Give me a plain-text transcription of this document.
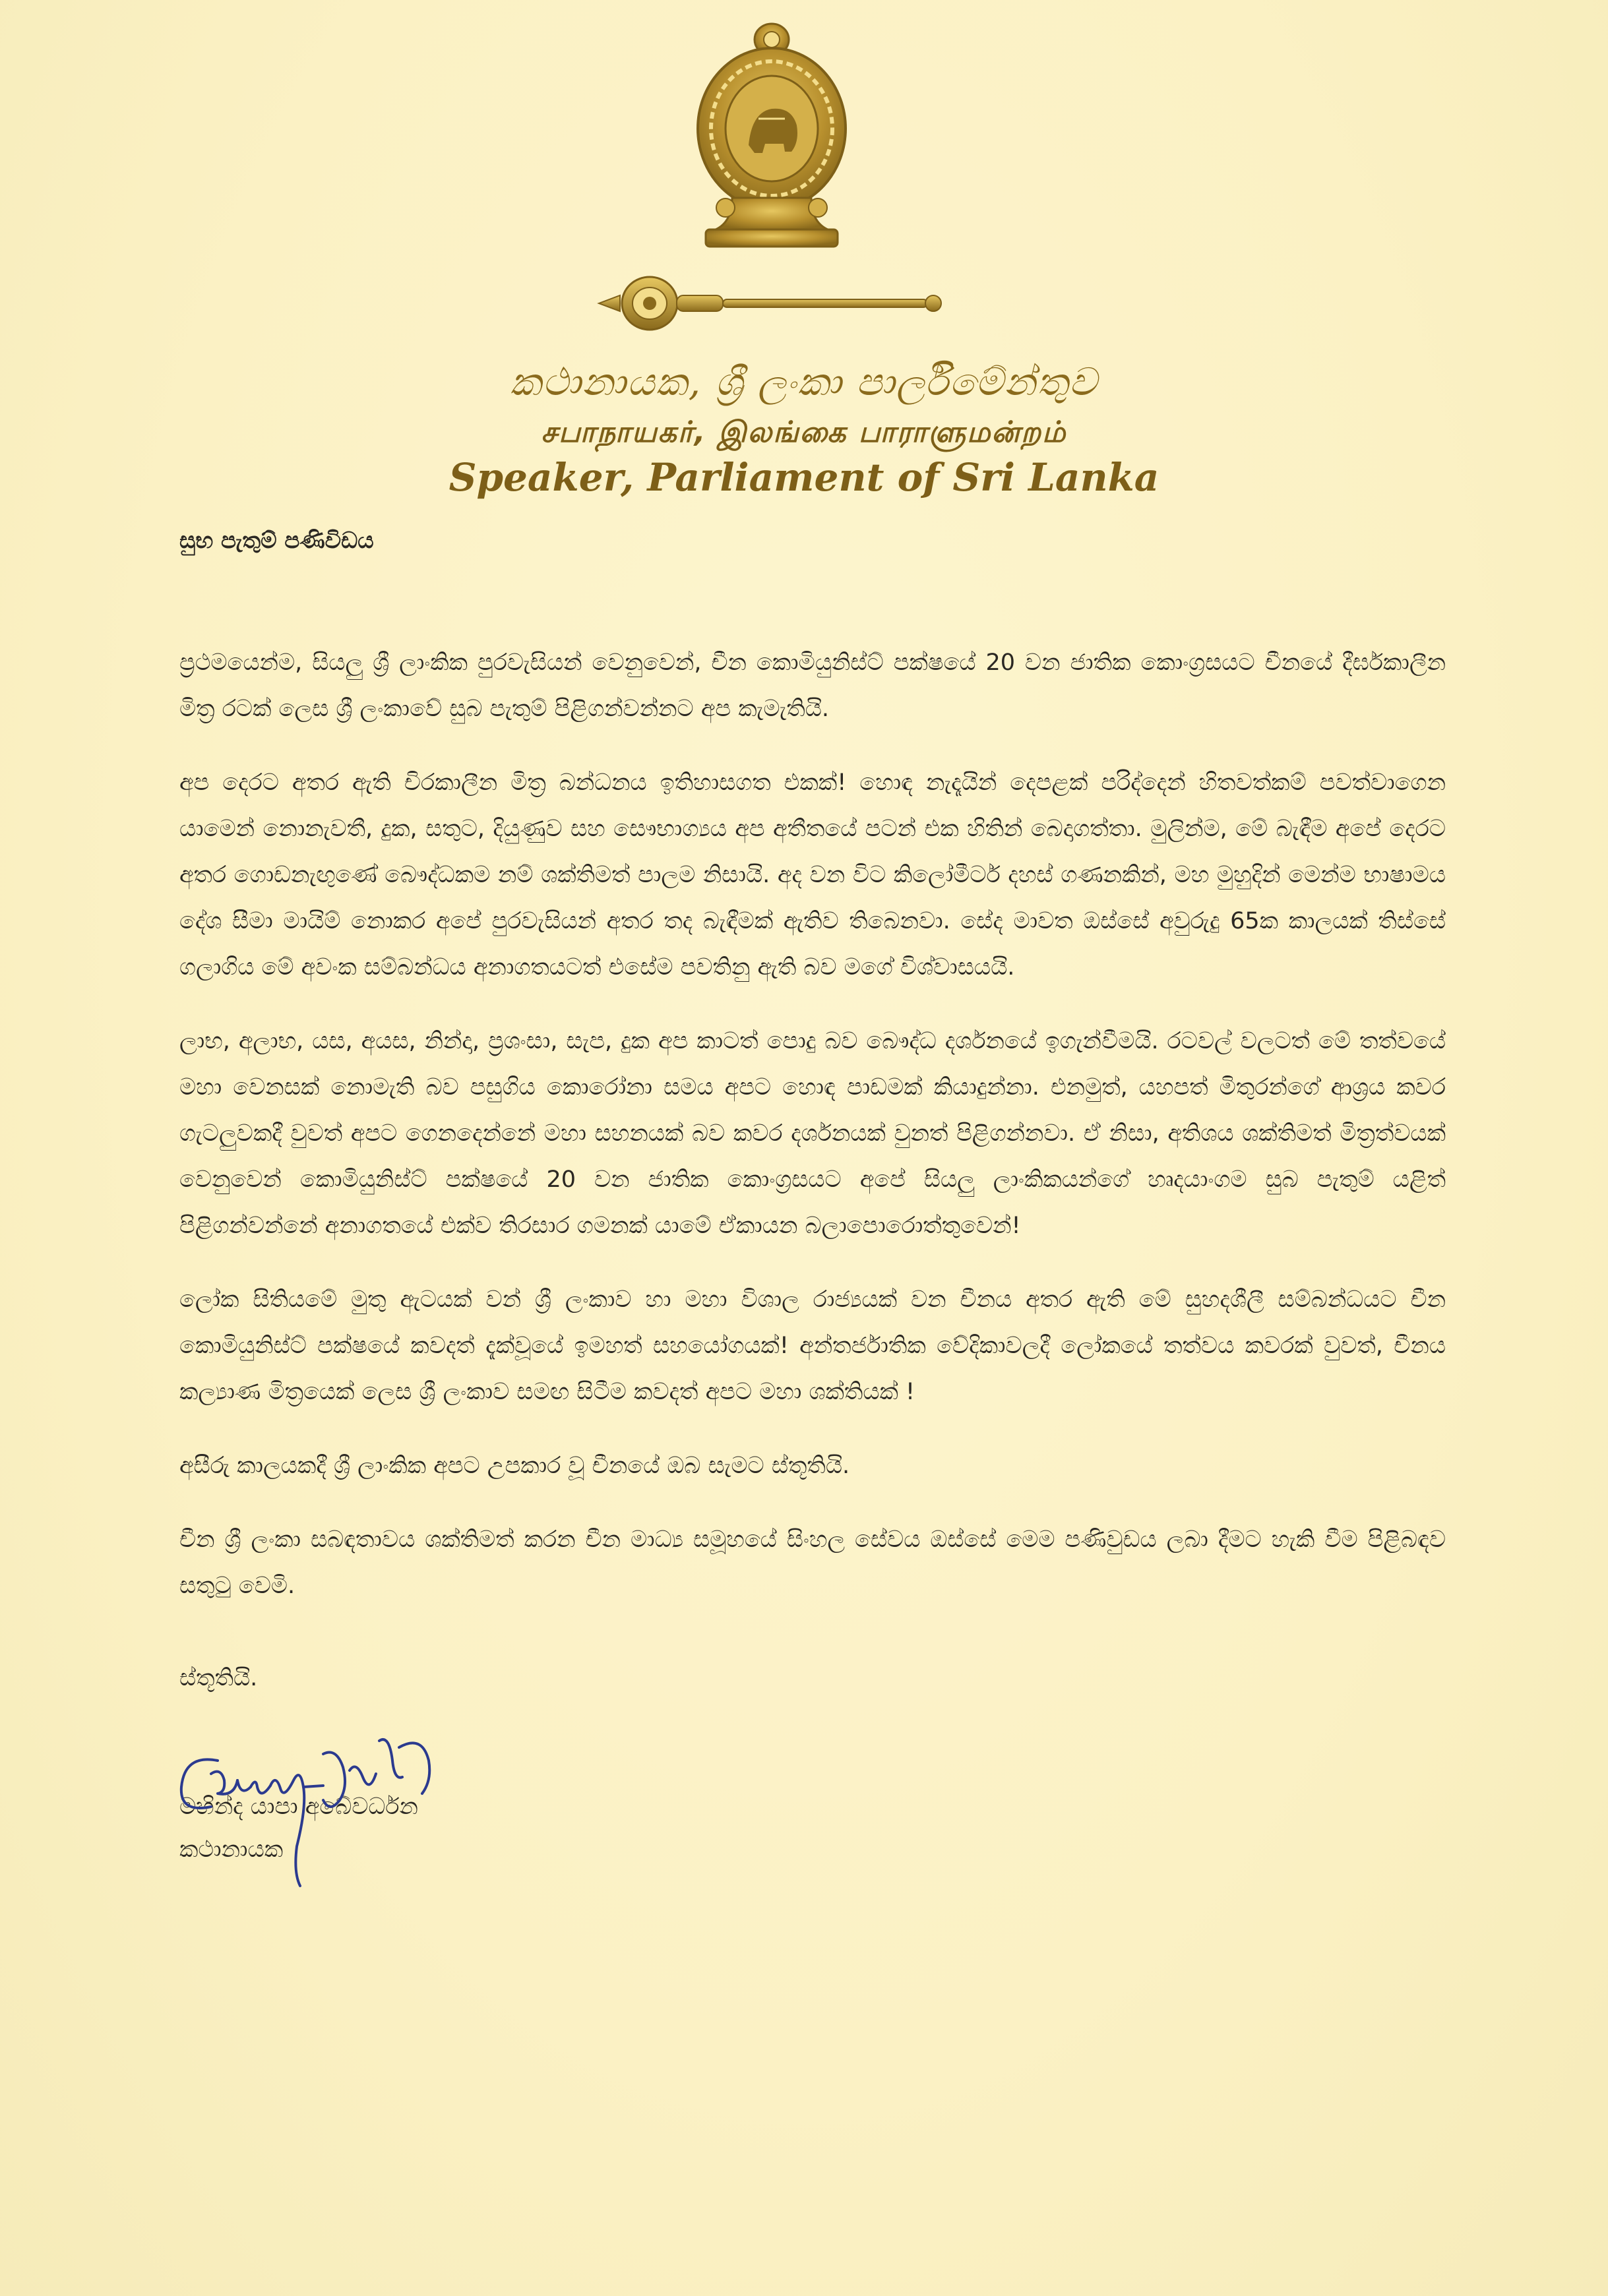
කථානායක, ශ්‍රී ලංකා පාර්ලිමේන්තුව
சபாநாயகர், இலங்கை பாராளுமன்றம்
Speaker, Parliament of Sri Lanka
සුභ පැතුම් පණිවිඩය

ප්‍රථමයෙන්ම, සියලු ශ්‍රී ලාංකික පුරවැසියන් වෙනුවෙන්, චීන කොමියුනිස්ට් පක්ෂයේ 20 වන ජාතික කොංග්‍රසයට චීනයේ දීර්ඝකාලීන මිත්‍ර රටක් ලෙස ශ්‍රී ලංකාවේ සුබ පැතුම් පිළිගන්වන්නට අප කැමැතියි.

අප දෙරට අතර ඇති චිරකාලීන මිත්‍ර බන්ධනය ඉතිහාසගත එකක්! හොඳ නැදෑයින් දෙපළක් පරිද්දෙන් හිතවත්කම් පවත්වාගෙන යාමෙන් නොනැවතී, දුක, සතුට, දියුණුව සහ සෞභාග්‍යය අප අතීතයේ පටන් එක හිතින් බෙදාගත්තා. මුලින්ම, මේ බැඳීම අපේ දෙරට අතර ගොඩනැඟුණේ බෞද්ධකම නම් ශක්තිමත් පාලම නිසායි. අද වන විට කිලෝමීටර් දහස් ගණනකින්, මහ මුහුදින් මෙන්ම භාෂාමය දේශ සීමා මායිම් නොකර අපේ පුරවැසියන් අතර තද බැඳීමක් ඇතිව තිබෙනවා. සේද මාවත ඔස්සේ අවුරුදු 65ක කාලයක් තිස්සේ ගලාගිය මේ අවංක සම්බන්ධය අනාගතයටත් එසේම පවතිනු ඇති බව මගේ විශ්වාසයයි.

ලාභ, අලාභ, යස, අයස, නින්දා, ප්‍රශංසා, සැප, දුක අප කාටත් පොදු බව බෞද්ධ දර්ශනයේ ඉගැන්වීමයි. රටවල් වලටත් මේ තත්වයේ මහා වෙනසක් නොමැති බව පසුගිය කොරෝනා සමය අපට හොඳ පාඩමක් කියාදුන්නා. එනමුත්, යහපත් මිතුරන්ගේ ආශ්‍රය කවර ගැටලුවකදී වුවත් අපට ගෙනදෙන්නේ මහා සහනයක් බව කවර දර්ශනයක් වුනත් පිළිගන්නවා. ඒ නිසා, අතිශය ශක්තිමත් මිත්‍රත්වයක් වෙනුවෙන් කොමියුනිස්ට් පක්ෂයේ 20 වන ජාතික කොංග්‍රසයට අපේ සියලු ලාංකිකයන්ගේ හෘදයාංගම සුබ පැතුම් යළිත් පිළිගන්වන්නේ අනාගතයේ එක්ව තිරසාර ගමනක් යාමේ ඒකායන බලාපොරොත්තුවෙන්!

ලෝක සිතියමේ මුතු ඇටයක් වන් ශ්‍රී ලංකාව හා මහා විශාල රාජ්‍යයක් වන චීනය අතර ඇති මේ සුහදශීලී සම්බන්ධයට චීන කොමියුනිස්ට් පක්ෂයේ කවදත් දැක්වූයේ ඉමහත් සහයෝගයක්! අන්තර්ජාතික වේදිකාවලදී ලෝකයේ තත්වය කවරක් වුවත්, චීනය කල්‍යාණ මිත්‍රයෙක් ලෙස ශ්‍රී ලංකාව සමඟ සිටීම කවදත් අපට මහා ශක්තියක් !

අසීරු කාලයකදී ශ්‍රී ලාංකික අපට උපකාර වූ චීනයේ ඔබ සැමට ස්තූතියි.

චීන ශ්‍රී ලංකා සබඳතාවය ශක්තිමත් කරන චීන මාධ්‍ය සමූහයේ සිංහල සේවය ඔස්සේ මෙම පණිවුඩය ලබා දීමට හැකි වීම පිළිබඳව සතුටු වෙමි.

ස්තූතියි.
මහින්ද යාපා අබේවර්ධන
කථානායක
